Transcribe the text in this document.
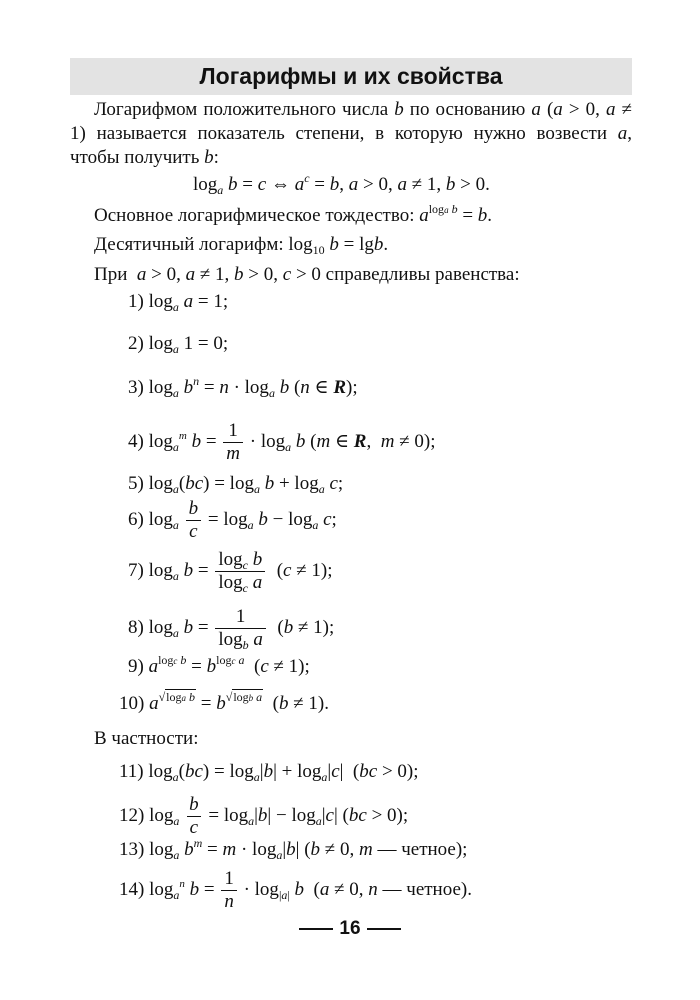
Логарифмы и их свойства
Логарифмом положительного числа b по основанию a (a > 0, a ≠ 1) называется показатель степени, в которую нужно возвести a, чтобы получить b:
$\log_a b = c$ ⇔ $a^c = b$, a > 0, a ≠ 1, b > 0.
Основное логарифмическое тождество: $a^{loga b} = b$.
Десятичный логарифм: $\log_{10} b = \lg b$.
При a > 0, a ≠ 1, b > 0, c > 0 справедливы равенства:
1) $\log_a a = 1$;
2) $\log_a 1 = 0$;
3) $\log_a b^n = n \cdot \log_a b$ (n ∈ R);
4) $\log_{am} b = \frac{1}{m} \cdot \log_a b$ (m ∈ R,  m ≠ 0);
5) $\log_a(bc) = \log_a b + \log_a c$;
6) $\log_a \frac{b}{c} = \log_a b - \log_a c$;
7) $\log_a b = \frac{\log_c b}{\log_c a} (c \ne 1)$;
8) $\log_a b = \frac{1}{\log_b a} (b \ne 1)$;
9) $a^{logc b} = b^{logc a}$  (c ≠ 1);
10) $a^{√loga b} = b^{√logb a}$  (b ≠ 1).
В частности:
11) $\log_a(bc) = \log_a|b| + \log_a|c|$  (bc > 0);
12) $\log_a \frac{b}{c} = \log_a|b| - \log_a|c|$ (bc > 0);
13) $\log_a b^m = m \cdot \log_a|b|$ (b ≠ 0, m — четное);
14) $\log_{an} b = \frac{1}{n} \cdot \log_{|a|} b$  (a ≠ 0, n — четное).
16
